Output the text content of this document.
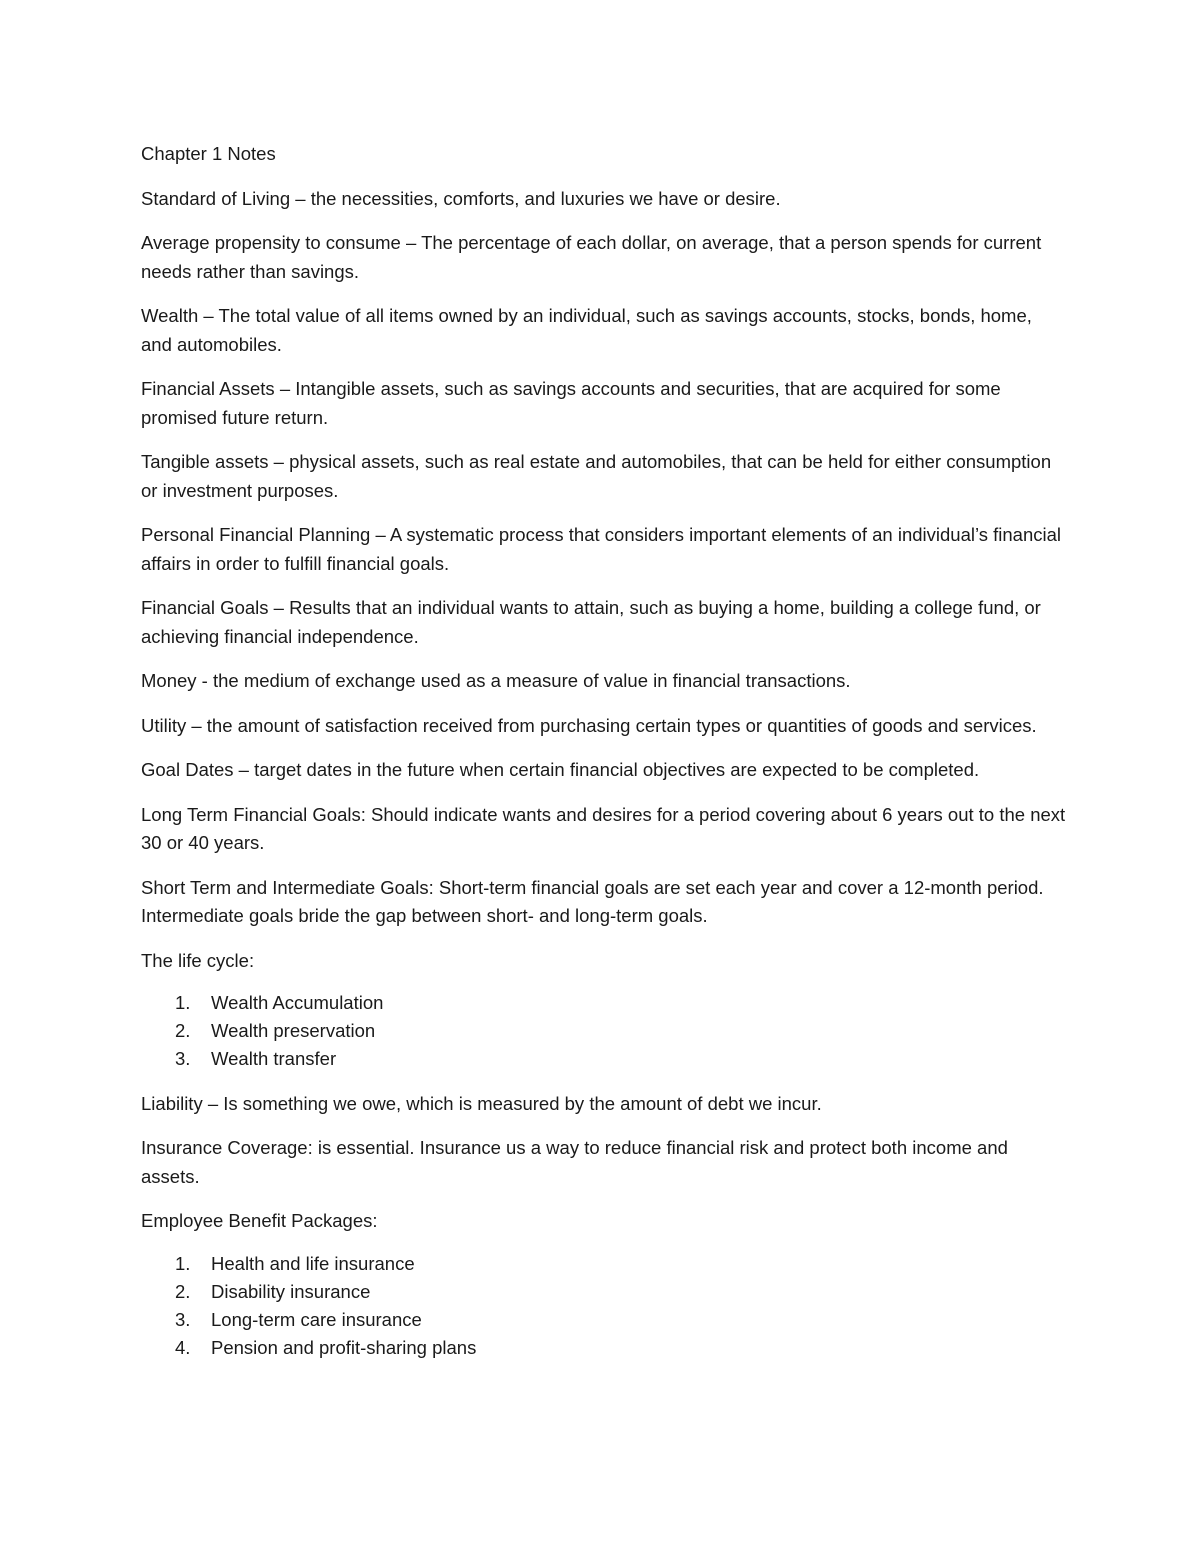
Chapter 1 Notes

Standard of Living – the necessities, comforts, and luxuries we have or desire.

Average propensity to consume – The percentage of each dollar, on average, that a person spends for current needs rather than savings.

Wealth – The total value of all items owned by an individual, such as savings accounts, stocks, bonds, home, and automobiles.

Financial Assets – Intangible assets, such as savings accounts and securities, that are acquired for some promised future return.

Tangible assets – physical assets, such as real estate and automobiles, that can be held for either consumption or investment purposes.

Personal Financial Planning – A systematic process that considers important elements of an individual’s financial affairs in order to fulfill financial goals.

Financial Goals – Results that an individual wants to attain, such as buying a home, building a college fund, or achieving financial independence.

Money - the medium of exchange used as a measure of value in financial transactions.

Utility – the amount of satisfaction received from purchasing certain types or quantities of goods and services.

Goal Dates – target dates in the future when certain financial objectives are expected to be completed.

Long Term Financial Goals: Should indicate wants and desires for a period covering about 6 years out to the next 30 or 40 years.

Short Term and Intermediate Goals: Short-term financial goals are set each year and cover a 12-month period. Intermediate goals bride the gap between short- and long-term goals.

The life cycle:

1. Wealth Accumulation
2. Wealth preservation
3. Wealth transfer

Liability – Is something we owe, which is measured by the amount of debt we incur.

Insurance Coverage: is essential. Insurance us a way to reduce financial risk and protect both income and assets.

Employee Benefit Packages:

1. Health and life insurance
2. Disability insurance
3. Long-term care insurance
4. Pension and profit-sharing plans
